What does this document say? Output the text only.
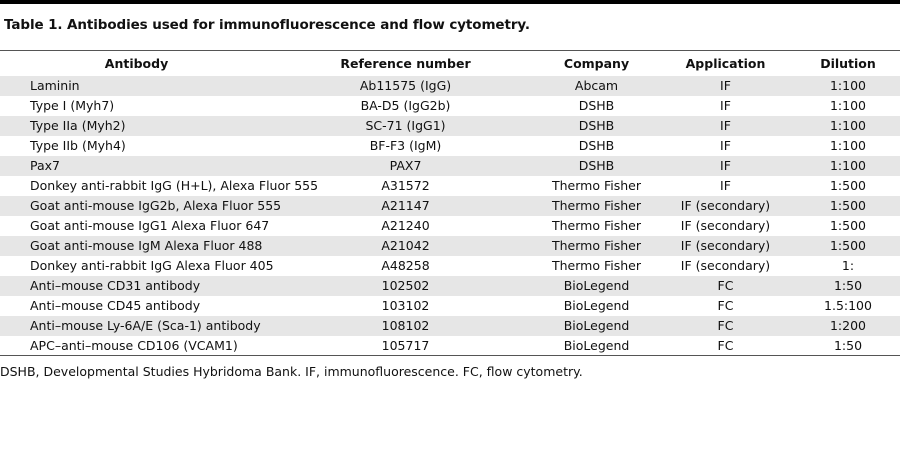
Table 1. Antibodies used for immunofluorescence and flow cytometry.
Antibody	Reference number	Company	Application	Dilution
Laminin	Ab11575 (IgG)	Abcam	IF	1:100
Type I (Myh7)	BA-D5 (IgG2b)	DSHB	IF	1:100
Type IIa (Myh2)	SC-71 (IgG1)	DSHB	IF	1:100
Type IIb (Myh4)	BF-F3 (IgM)	DSHB	IF	1:100
Pax7	PAX7	DSHB	IF	1:100
Donkey anti-rabbit IgG (H+L), Alexa Fluor 555	A31572	Thermo Fisher	IF	1:500
Goat anti-mouse IgG2b, Alexa Fluor 555	A21147	Thermo Fisher	IF (secondary)	1:500
Goat anti-mouse IgG1 Alexa Fluor 647	A21240	Thermo Fisher	IF (secondary)	1:500
Goat anti-mouse IgM Alexa Fluor 488	A21042	Thermo Fisher	IF (secondary)	1:500
Donkey anti-rabbit IgG Alexa Fluor 405	A48258	Thermo Fisher	IF (secondary)	1:
Anti–mouse CD31 antibody	102502	BioLegend	FC	1:50
Anti–mouse CD45 antibody	103102	BioLegend	FC	1.5:100
Anti–mouse Ly-6A/E (Sca-1) antibody	108102	BioLegend	FC	1:200
APC–anti–mouse CD106 (VCAM1)	105717	BioLegend	FC	1:50
DSHB, Developmental Studies Hybridoma Bank. IF, immunofluorescence. FC, flow cytometry.
